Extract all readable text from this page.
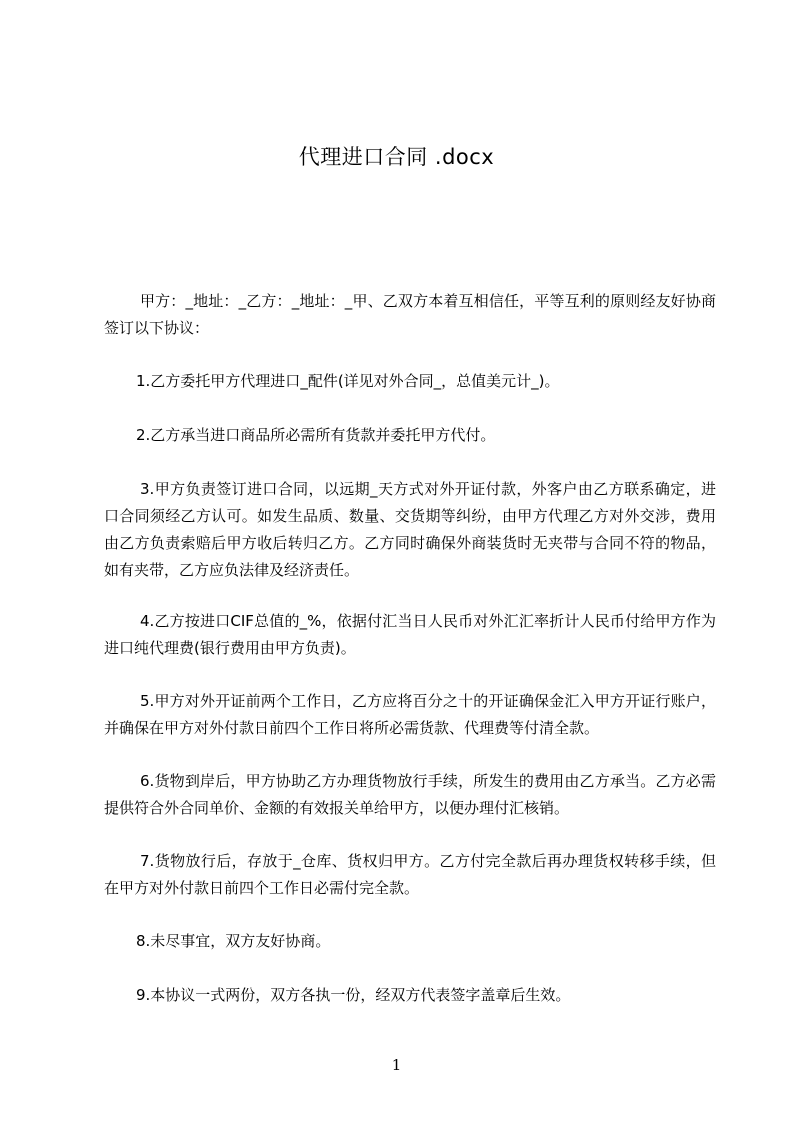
代理进口合同 .docx
甲方：_地址：_乙方：_地址：_甲、乙双方本着互相信任，平等互利的原则经友好协商签订以下协议：
1.乙方委托甲方代理进口_配件(详见对外合同_，总值美元计_)。
2.乙方承当进口商品所必需所有货款并委托甲方代付。
3.甲方负责签订进口合同，以远期_天方式对外开证付款，外客户由乙方联系确定，进口合同须经乙方认可。如发生品质、数量、交货期等纠纷，由甲方代理乙方对外交涉，费用由乙方负责索赔后甲方收后转归乙方。乙方同时确保外商装货时无夹带与合同不符的物品，如有夹带，乙方应负法律及经济责任。
4.乙方按进口CIF总值的_%，依据付汇当日人民币对外汇汇率折计人民币付给甲方作为进口纯代理费(银行费用由甲方负责)。
5.甲方对外开证前两个工作日，乙方应将百分之十的开证确保金汇入甲方开证行账户，并确保在甲方对外付款日前四个工作日将所必需货款、代理费等付清全款。
6.货物到岸后，甲方协助乙方办理货物放行手续，所发生的费用由乙方承当。乙方必需提供符合外合同单价、金额的有效报关单给甲方，以便办理付汇核销。
7.货物放行后，存放于_仓库、货权归甲方。乙方付完全款后再办理货权转移手续，但在甲方对外付款日前四个工作日必需付完全款。
8.未尽事宜，双方友好协商。
9.本协议一式两份，双方各执一份，经双方代表签字盖章后生效。
1
